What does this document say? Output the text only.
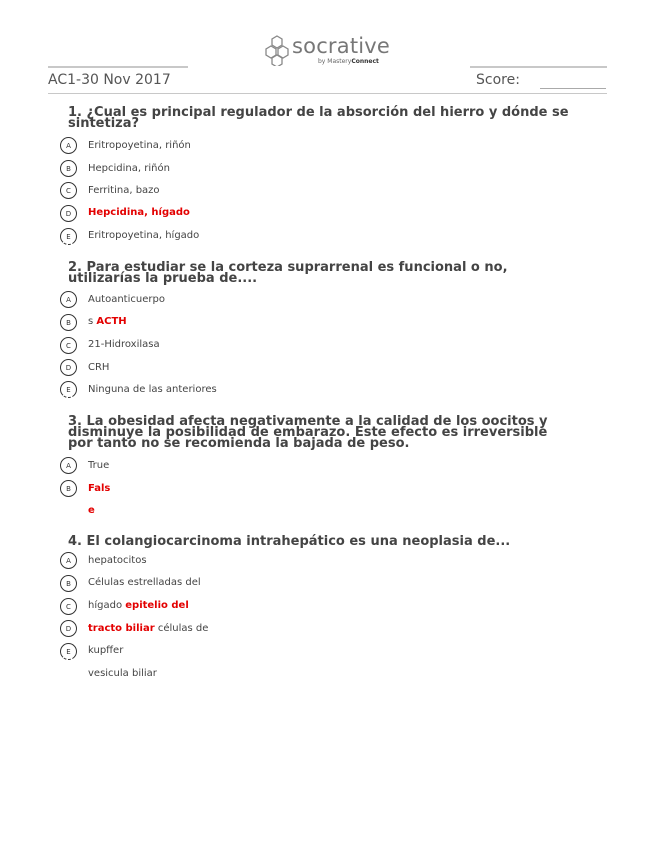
socrative
by MasteryConnect
AC1-30 Nov 2017	Score:
1. ¿Cual es principal regulador de la absorción del hierro y dónde se
sintetiza?
A	Eritropoyetina, riñón
B	Hepcidina, riñón
C	Ferritina, bazo
D	Hepcidina, hígado
E	Eritropoyetina, hígado
2. Para estudiar se la corteza suprarrenal es funcional o no,
utilizarías la prueba de....
A	Autoanticuerpo
B	s ACTH
C	21-Hidroxilasa
D	CRH
E	Ninguna de las anteriores
3. La obesidad afecta negativamente a la calidad de los oocitos y
disminuye la posibilidad de embarazo. Este efecto es irreversible
por tanto no se recomienda la bajada de peso.
A	True
B	Fals
e
4. El colangiocarcinoma intrahepático es una neoplasia de...
A	hepatocitos
B	Células estrelladas del
C	hígado epitelio del
D	tracto biliar células de
E	kupffer
vesicula biliar
